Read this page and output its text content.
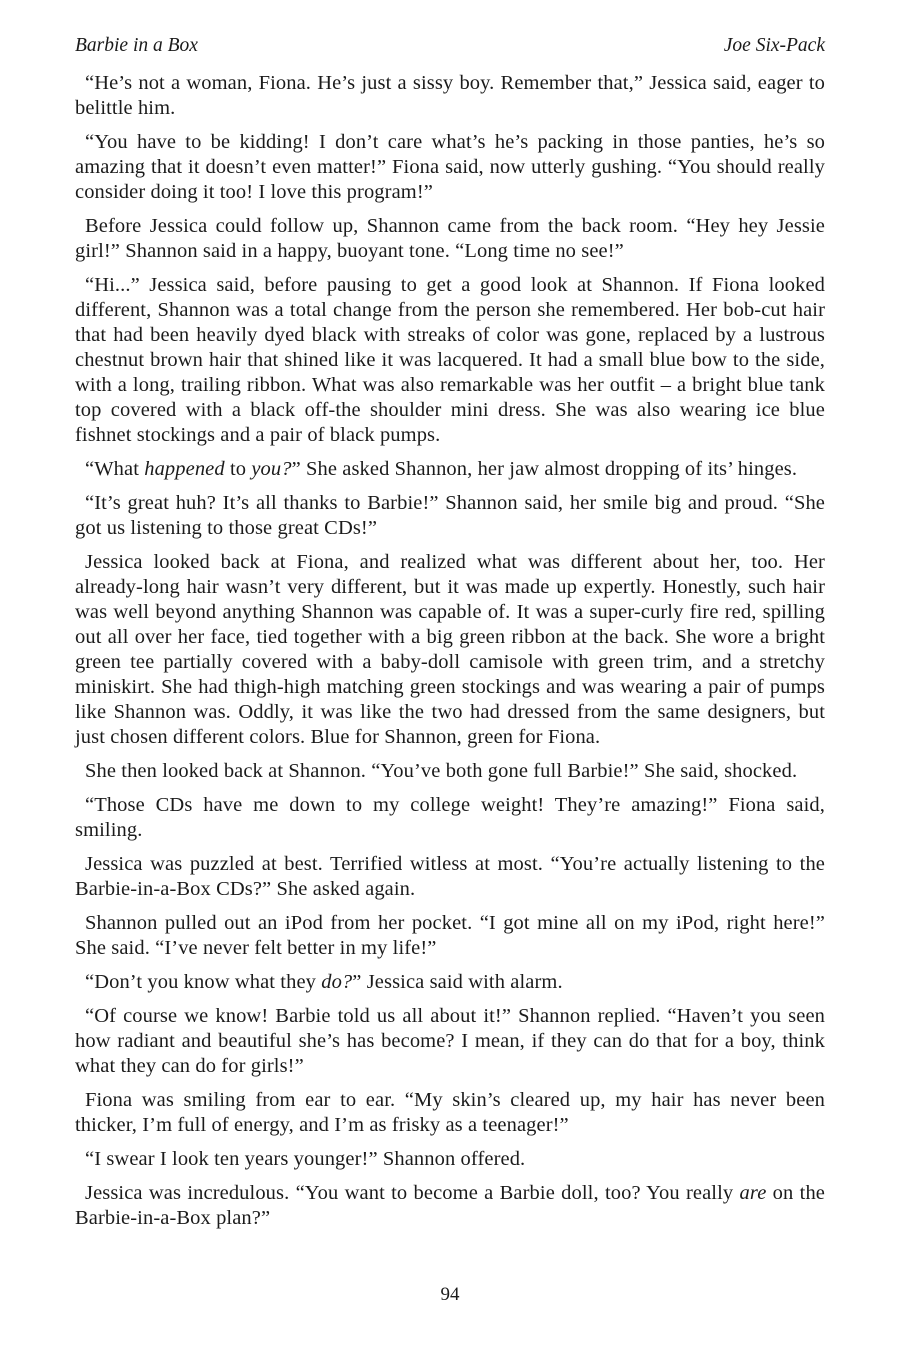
Barbie in a Box	Joe Six-Pack

“He’s not a woman, Fiona. He’s just a sissy boy. Remember that,” Jessica said, eager to belittle him.

“You have to be kidding! I don’t care what’s he’s packing in those panties, he’s so amazing that it doesn’t even matter!” Fiona said, now utterly gushing. “You should really consider doing it too! I love this program!”

Before Jessica could follow up, Shannon came from the back room. “Hey hey Jessie girl!” Shannon said in a happy, buoyant tone. “Long time no see!”

“Hi...” Jessica said, before pausing to get a good look at Shannon. If Fiona looked different, Shannon was a total change from the person she remembered. Her bob-cut hair that had been heavily dyed black with streaks of color was gone, replaced by a lustrous chestnut brown hair that shined like it was lacquered. It had a small blue bow to the side, with a long, trailing ribbon. What was also remarkable was her outfit – a bright blue tank top covered with a black off-the shoulder mini dress. She was also wearing ice blue fishnet stockings and a pair of black pumps.

“What happened to you?” She asked Shannon, her jaw almost dropping of its’ hinges.

“It’s great huh? It’s all thanks to Barbie!” Shannon said, her smile big and proud. “She got us listening to those great CDs!”

Jessica looked back at Fiona, and realized what was different about her, too. Her already-long hair wasn’t very different, but it was made up expertly. Honestly, such hair was well beyond anything Shannon was capable of. It was a super-curly fire red, spilling out all over her face, tied together with a big green ribbon at the back. She wore a bright green tee partially covered with a baby-doll camisole with green trim, and a stretchy miniskirt. She had thigh-high matching green stockings and was wearing a pair of pumps like Shannon was. Oddly, it was like the two had dressed from the same designers, but just chosen different colors. Blue for Shannon, green for Fiona.

She then looked back at Shannon. “You’ve both gone full Barbie!” She said, shocked.

“Those CDs have me down to my college weight! They’re amazing!” Fiona said, smiling.

Jessica was puzzled at best. Terrified witless at most. “You’re actually listening to the Barbie-in-a-Box CDs?” She asked again.

Shannon pulled out an iPod from her pocket. “I got mine all on my iPod, right here!” She said. “I’ve never felt better in my life!”

“Don’t you know what they do?” Jessica said with alarm.

“Of course we know! Barbie told us all about it!” Shannon replied. “Haven’t you seen how radiant and beautiful she’s has become? I mean, if they can do that for a boy, think what they can do for girls!”

Fiona was smiling from ear to ear. “My skin’s cleared up, my hair has never been thicker, I’m full of energy, and I’m as frisky as a teenager!”

“I swear I look ten years younger!” Shannon offered.

Jessica was incredulous. “You want to become a Barbie doll, too? You really are on the Barbie-in-a-Box plan?”

94
